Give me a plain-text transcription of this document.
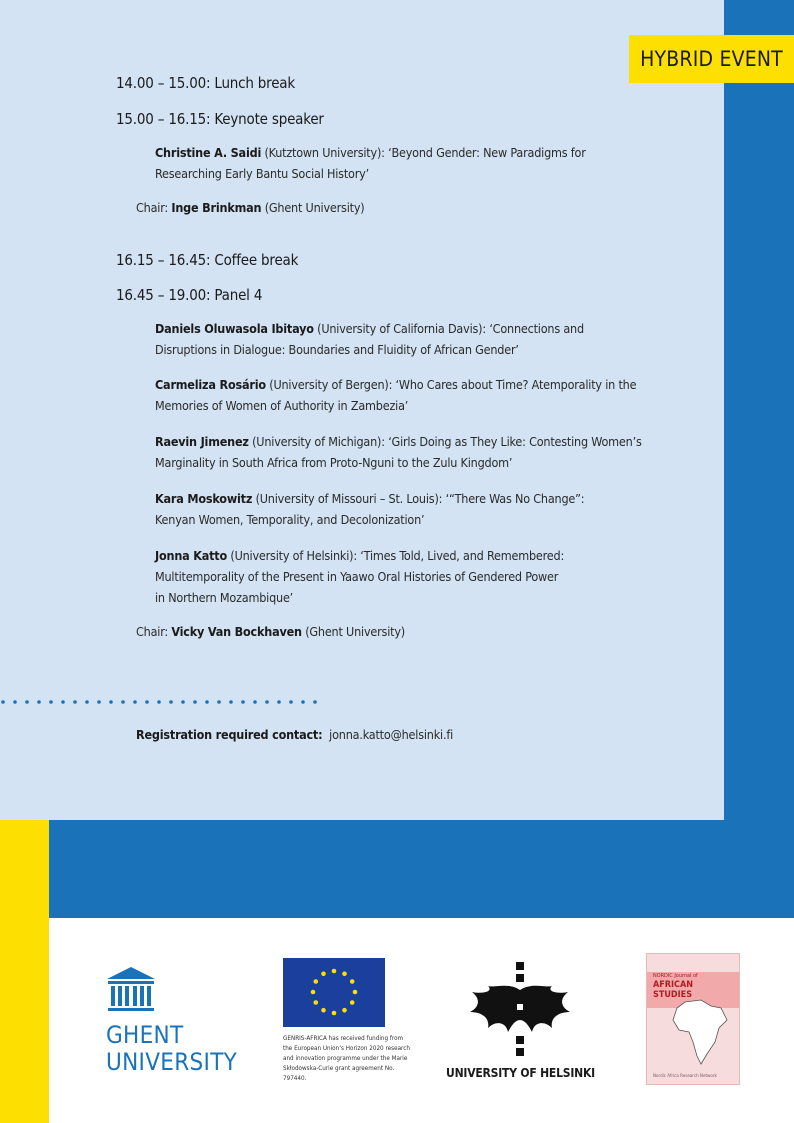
HYBRID EVENT
14.00 – 15.00: Lunch break
15.00 – 16.15: Keynote speaker
Christine A. Saidi (Kutztown University): ‘Beyond Gender: New Paradigms for
Researching Early Bantu Social History’
Chair: Inge Brinkman (Ghent University)
16.15 – 16.45: Coffee break
16.45 – 19.00: Panel 4
Daniels Oluwasola Ibitayo (University of California Davis): ‘Connections and
Disruptions in Dialogue: Boundaries and Fluidity of African Gender’
Carmeliza Rosário (University of Bergen): ‘Who Cares about Time? Atemporality in the
Memories of Women of Authority in Zambezia’
Raevin Jimenez (University of Michigan): ‘Girls Doing as They Like: Contesting Women’s
Marginality in South Africa from Proto-Nguni to the Zulu Kingdom’
Kara Moskowitz (University of Missouri – St. Louis): ‘“There Was No Change”:
Kenyan Women, Temporality, and Decolonization’
Jonna Katto (University of Helsinki): ‘Times Told, Lived, and Remembered:
Multitemporality of the Present in Yaawo Oral Histories of Gendered Power
in Northern Mozambique’
Chair: Vicky Van Bockhaven (Ghent University)
Registration required contact: jonna.katto@helsinki.fi
GHENT
UNIVERSITY
GENRIS-AFRICA has received funding from the European Union’s Horizon 2020 research and innovation programme under the Marie Skłodowska-Curie grant agreement No. 797440.	UNIVERSITY OF HELSINKI
NORDIC Journal of
AFRICAN
STUDIES
Nordic Africa Research Network
